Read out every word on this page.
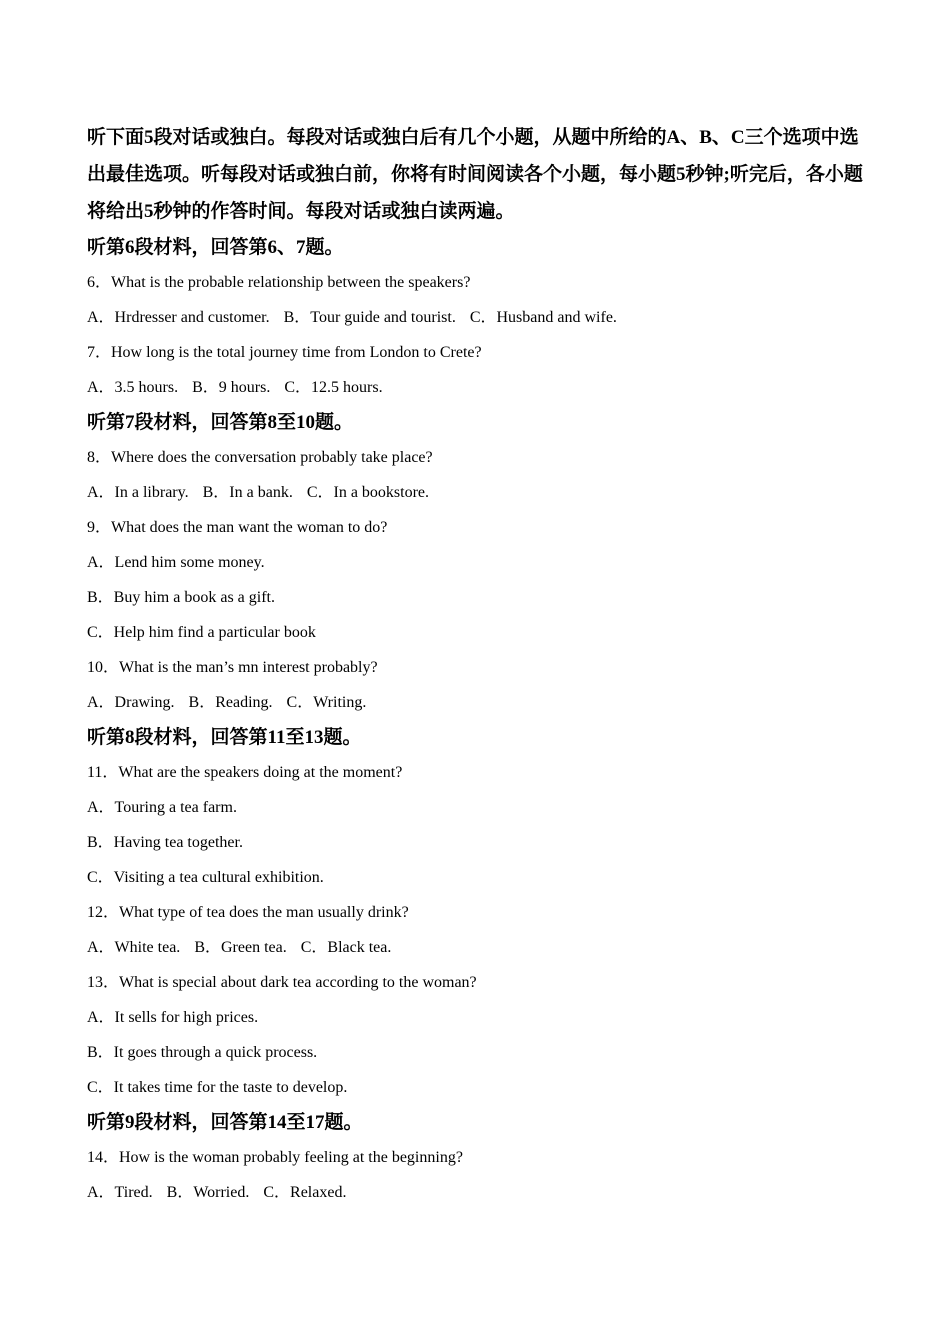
听下面5段对话或独白。每段对话或独白后有几个小题，从题中所给的A、B、C三个选项中选出最佳选项。听每段对话或独白前，你将有时间阅读各个小题，每小题5秒钟;听完后，各小题将给出5秒钟的作答时间。每段对话或独白读两遍。

听第6段材料，回答第6、7题。

6．What is the probable relationship between the speakers?

A．Hrdresser and customer. B．Tour guide and tourist. C．Husband and wife.

7．How long is the total journey time from London to Crete?

A．3.5 hours. B．9 hours. C．12.5 hours.

听第7段材料，回答第8至10题。

8．Where does the conversation probably take place?

A．In a library. B．In a bank. C．In a bookstore.

9．What does the man want the woman to do?

A．Lend him some money.

B．Buy him a book as a gift.

C．Help him find a particular book

10．What is the man’s mn interest probably?

A．Drawing. B．Reading. C．Writing.

听第8段材料，回答第11至13题。

11．What are the speakers doing at the moment?

A．Touring a tea farm.

B．Having tea together.

C．Visiting a tea cultural exhibition.

12．What type of tea does the man usually drink?

A．White tea. B．Green tea. C．Black tea.

13．What is special about dark tea according to the woman?

A．It sells for high prices.

B．It goes through a quick process.

C．It takes time for the taste to develop.

听第9段材料，回答第14至17题。

14．How is the woman probably feeling at the beginning?

A．Tired. B．Worried. C．Relaxed.
